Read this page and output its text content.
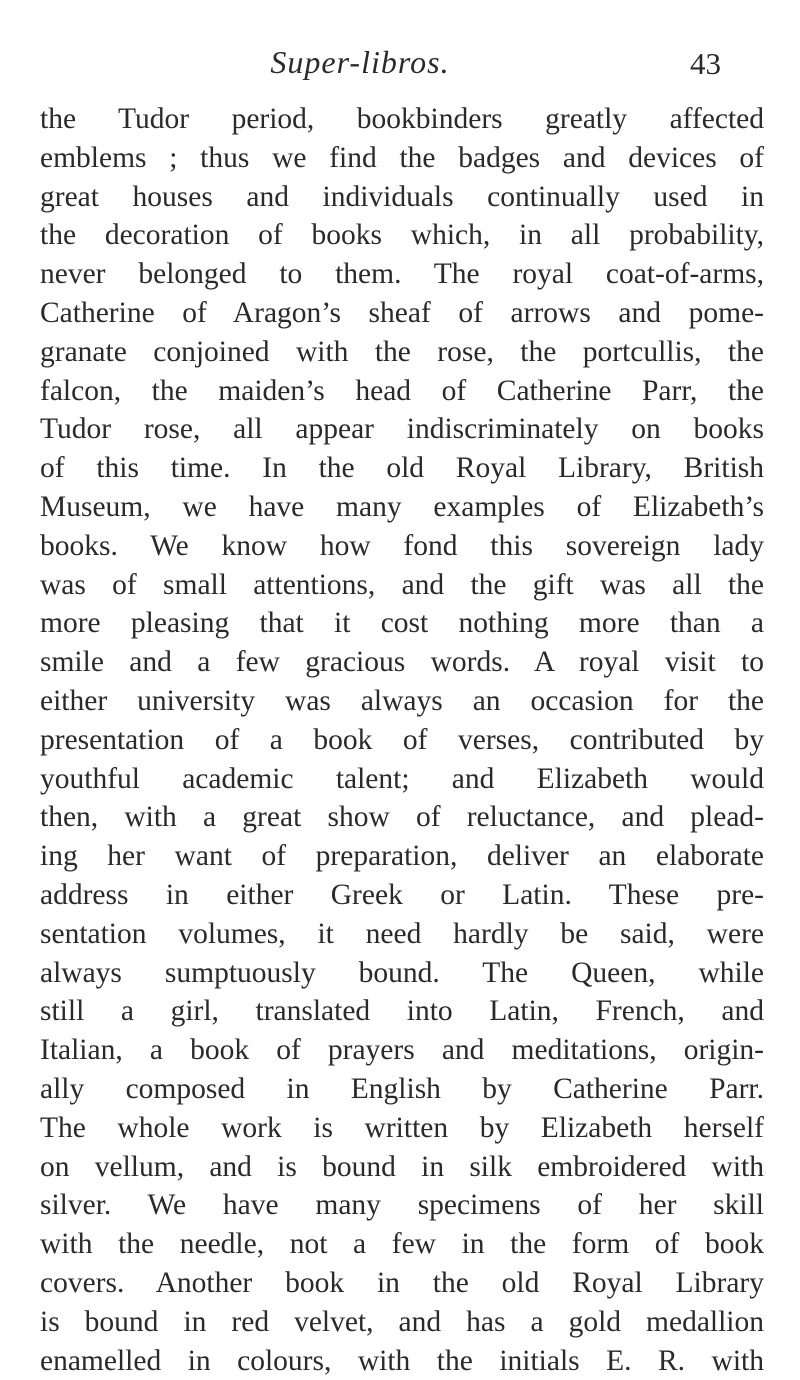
Super-libros.	43
the Tudor period, bookbinders greatly affected
emblems ; thus we find the badges and devices of
great houses and individuals continually used in
the decoration of books which, in all probability,
never belonged to them. The royal coat-of-arms,
Catherine of Aragon’s sheaf of arrows and pome-
granate conjoined with the rose, the portcullis, the
falcon, the maiden’s head of Catherine Parr, the
Tudor rose, all appear indiscriminately on books
of this time. In the old Royal Library, British
Museum, we have many examples of Elizabeth’s
books. We know how fond this sovereign lady
was of small attentions, and the gift was all the
more pleasing that it cost nothing more than a
smile and a few gracious words. A royal visit to
either university was always an occasion for the
presentation of a book of verses, contributed by
youthful academic talent; and Elizabeth would
then, with a great show of reluctance, and plead-
ing her want of preparation, deliver an elaborate
address in either Greek or Latin. These pre-
sentation volumes, it need hardly be said, were
always sumptuously bound. The Queen, while
still a girl, translated into Latin, French, and
Italian, a book of prayers and meditations, origin-
ally composed in English by Catherine Parr.
The whole work is written by Elizabeth herself
on vellum, and is bound in silk embroidered with
silver. We have many specimens of her skill
with the needle, not a few in the form of book
covers. Another book in the old Royal Library
is bound in red velvet, and has a gold medallion
enamelled in colours, with the initials E. R. with
